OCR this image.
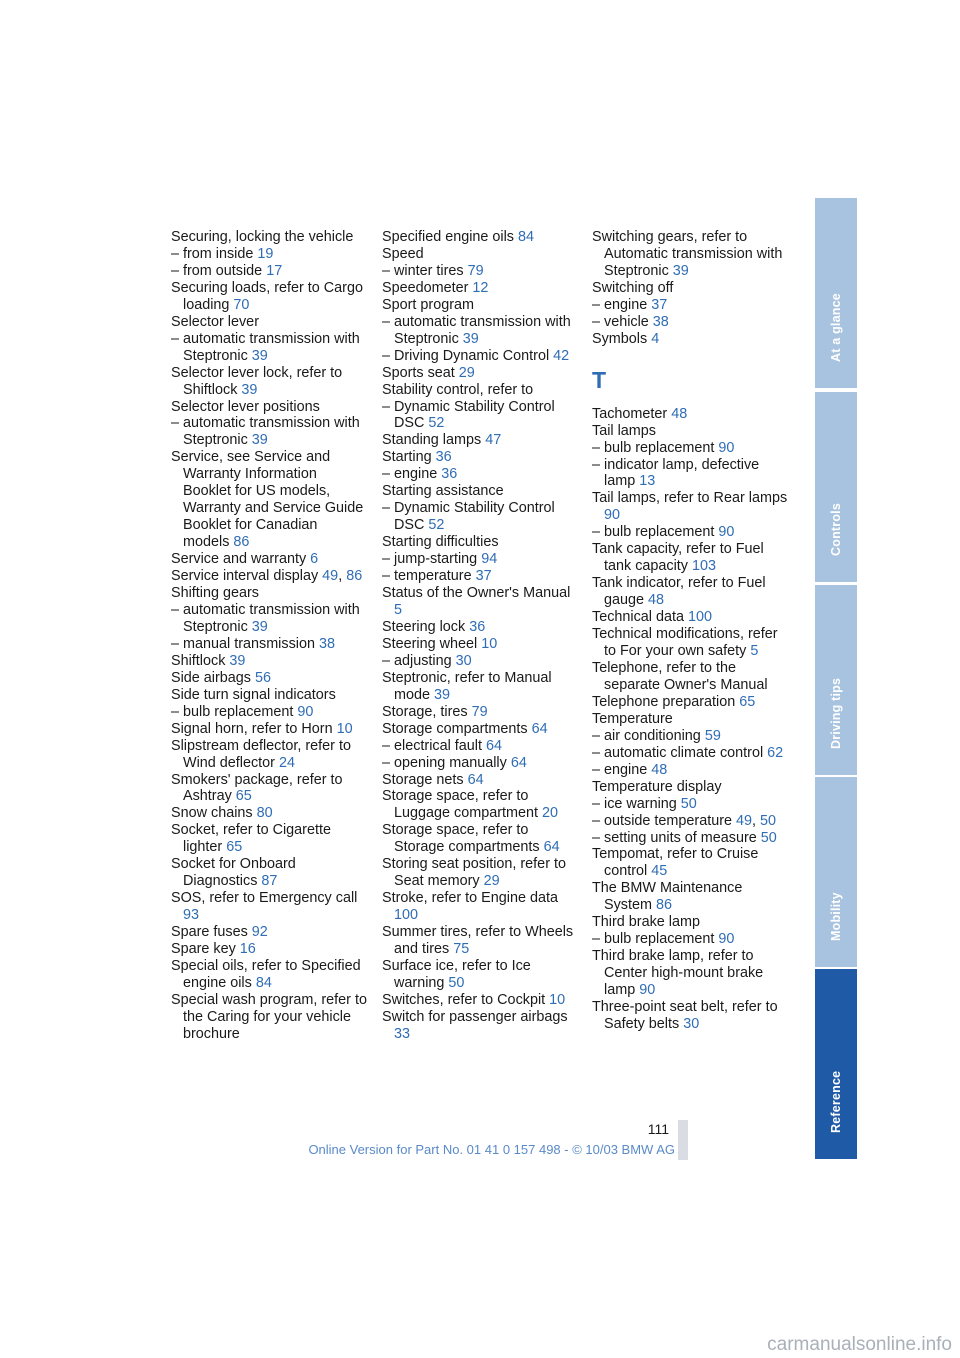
Securing, locking the vehicle
– from inside 19
– from outside 17
Securing loads, refer to Cargo loading 70
Selector lever
– automatic transmission with Steptronic 39
Selector lever lock, refer to Shiftlock 39
Selector lever positions
– automatic transmission with Steptronic 39
Service, see Service and Warranty Information Booklet for US models, Warranty and Service Guide Booklet for Canadian models 86
Service and warranty 6
Service interval display 49, 86
Shifting gears
– automatic transmission with Steptronic 39
– manual transmission 38
Shiftlock 39
Side airbags 56
Side turn signal indicators
– bulb replacement 90
Signal horn, refer to Horn 10
Slipstream deflector, refer to Wind deflector 24
Smokers' package, refer to Ashtray 65
Snow chains 80
Socket, refer to Cigarette lighter 65
Socket for Onboard Diagnostics 87
SOS, refer to Emergency call 93
Spare fuses 92
Spare key 16
Special oils, refer to Specified engine oils 84
Special wash program, refer to the Caring for your vehicle brochure
Specified engine oils 84
Speed
– winter tires 79
Speedometer 12
Sport program
– automatic transmission with Steptronic 39
– Driving Dynamic Control 42
Sports seat 29
Stability control, refer to
– Dynamic Stability Control DSC 52
Standing lamps 47
Starting 36
– engine 36
Starting assistance
– Dynamic Stability Control DSC 52
Starting difficulties
– jump-starting 94
– temperature 37
Status of the Owner's Manual 5
Steering lock 36
Steering wheel 10
– adjusting 30
Steptronic, refer to Manual mode 39
Storage, tires 79
Storage compartments 64
– electrical fault 64
– opening manually 64
Storage nets 64
Storage space, refer to Luggage compartment 20
Storage space, refer to Storage compartments 64
Storing seat position, refer to Seat memory 29
Stroke, refer to Engine data 100
Summer tires, refer to Wheels and tires 75
Surface ice, refer to Ice warning 50
Switches, refer to Cockpit 10
Switch for passenger airbags 33
Switching gears, refer to Automatic transmission with Steptronic 39
Switching off
– engine 37
– vehicle 38
Symbols 4
T
Tachometer 48
Tail lamps
– bulb replacement 90
– indicator lamp, defective lamp 13
Tail lamps, refer to Rear lamps 90
– bulb replacement 90
Tank capacity, refer to Fuel tank capacity 103
Tank indicator, refer to Fuel gauge 48
Technical data 100
Technical modifications, refer to For your own safety 5
Telephone, refer to the separate Owner's Manual
Telephone preparation 65
Temperature
– air conditioning 59
– automatic climate control 62
– engine 48
Temperature display
– ice warning 50
– outside temperature 49, 50
– setting units of measure 50
Tempomat, refer to Cruise control 45
The BMW Maintenance System 86
Third brake lamp
– bulb replacement 90
Third brake lamp, refer to Center high-mount brake lamp 90
Three-point seat belt, refer to Safety belts 30
At a glance
Controls
Driving tips
Mobility
Reference
111
Online Version for Part No. 01 41 0 157 498 - © 10/03 BMW AG
carmanualsonline.info
